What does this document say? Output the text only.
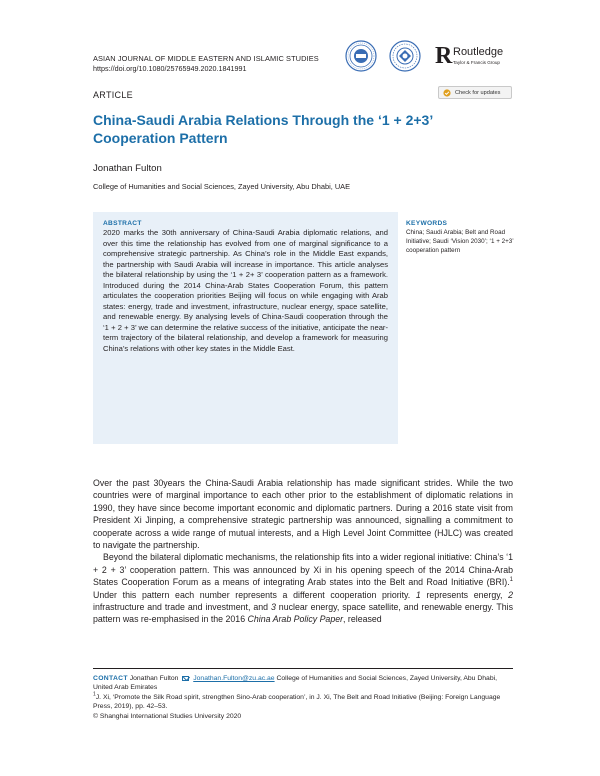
ASIAN JOURNAL OF MIDDLE EASTERN AND ISLAMIC STUDIES
https://doi.org/10.1080/25765949.2020.1841991	R Routledge
Taylor & Francis Group
ARTICLE	Check for updates
China-Saudi Arabia Relations Through the ‘1 + 2+3’ Cooperation Pattern
Jonathan Fulton
College of Humanities and Social Sciences, Zayed University, Abu Dhabi, UAE
ABSTRACT
2020 marks the 30th anniversary of China-Saudi Arabia diplomatic relations, and over this time the relationship has evolved from one of marginal significance to a comprehensive strategic partnership. As China’s role in the Middle East expands, the partnership with Saudi Arabia will increase in importance. This article analyses the bilateral relationship by using the ‘1 + 2+ 3’ cooperation pattern as a framework. Introduced during the 2014 China-Arab States Cooperation Forum, this pattern articulates the cooperation priorities Beijing will focus on while engaging with Arab states: energy, trade and investment, infrastructure, nuclear energy, space satellite, and renewable energy. By analysing levels of China-Saudi cooperation through the ‘1 + 2 + 3’ we can determine the relative success of the initiative, anticipate the near-term trajectory of the bilateral relationship, and develop a framework for measuring China’s relations with other key states in the Middle East.
KEYWORDS
China; Saudi Arabia; Belt and Road Initiative; Saudi ‘Vision 2030’; ‘1 + 2+3’ cooperation pattern

Over the past 30years the China-Saudi Arabia relationship has made significant strides. While the two countries were of marginal importance to each other prior to the establishment of diplomatic relations in 1990, they have since become important economic and diplomatic partners. During a 2016 state visit from President Xi Jinping, a comprehensive strategic partnership was announced, signalling a commitment to cooperate across a wide range of mutual interests, and a High Level Joint Committee (HJLC) was created to navigate the partnership.

Beyond the bilateral diplomatic mechanisms, the relationship fits into a wider regional initiative: China’s ‘1 + 2 + 3’ cooperation pattern. This was announced by Xi in his opening speech of the 2014 China-Arab States Cooperation Forum as a means of integrating Arab states into the Belt and Road Initiative (BRI).$^1$ Under this pattern each number represents a different cooperation priority. 1 represents energy, 2 infrastructure and trade and investment, and 3 nuclear energy, space satellite, and renewable energy. This pattern was re-emphasised in the 2016 China Arab Policy Paper, released

CONTACT Jonathan Fulton Jonathan.Fulton@zu.ac.ae College of Humanities and Social Sciences, Zayed University, Abu Dhabi, United Arab Emirates
$^1$J. Xi, ‘Promote the Silk Road spirit, strengthen Sino-Arab cooperation’, in J. Xi, The Belt and Road Initiative (Beijing: Foreign Language Press, 2019), pp. 42–53.
© Shanghai International Studies University 2020
